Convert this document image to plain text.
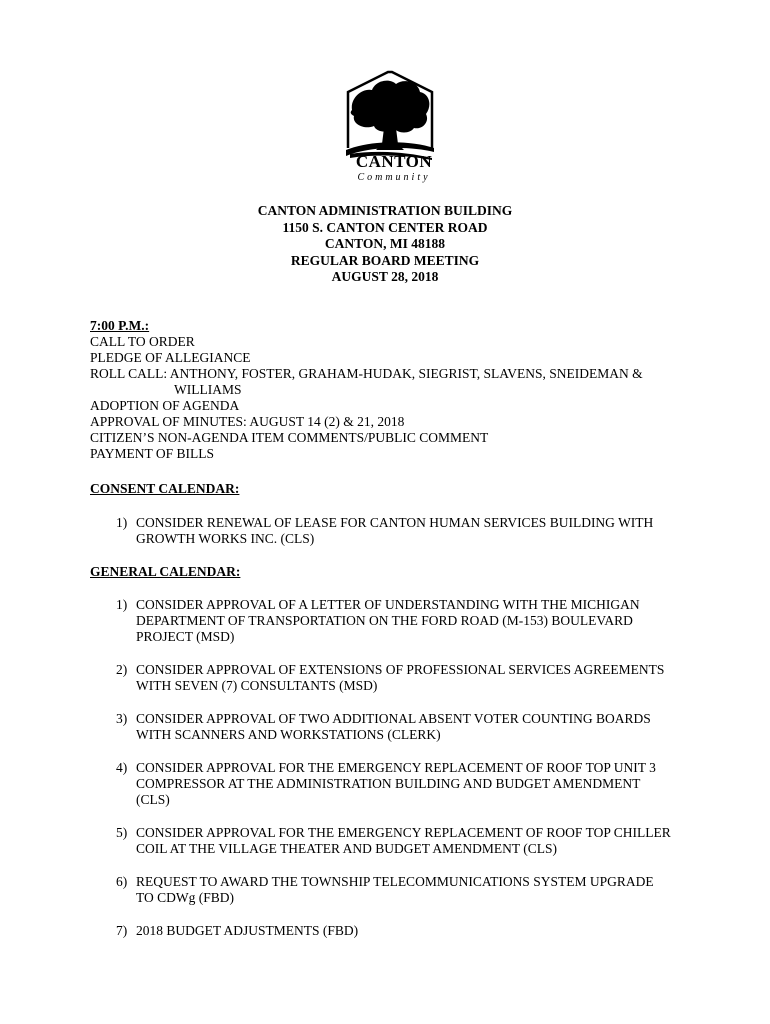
CANTON
Community
CANTON ADMINISTRATION BUILDING
1150 S. CANTON CENTER ROAD
CANTON, MI 48188
REGULAR BOARD MEETING
AUGUST 28, 2018
7:00 P.M.:
CALL TO ORDER
PLEDGE OF ALLEGIANCE
ROLL CALL: ANTHONY, FOSTER, GRAHAM-HUDAK, SIEGRIST, SLAVENS, SNEIDEMAN &
WILLIAMS
ADOPTION OF AGENDA
APPROVAL OF MINUTES: AUGUST 14 (2) & 21, 2018
CITIZEN’S NON-AGENDA ITEM COMMENTS/PUBLIC COMMENT
PAYMENT OF BILLS
CONSENT CALENDAR:
1) CONSIDER RENEWAL OF LEASE FOR CANTON HUMAN SERVICES BUILDING WITH
GROWTH WORKS INC. (CLS)
GENERAL CALENDAR:
1) CONSIDER APPROVAL OF A LETTER OF UNDERSTANDING WITH THE MICHIGAN
DEPARTMENT OF TRANSPORTATION ON THE FORD ROAD (M-153) BOULEVARD
PROJECT (MSD)
2) CONSIDER APPROVAL OF EXTENSIONS OF PROFESSIONAL SERVICES AGREEMENTS
WITH SEVEN (7) CONSULTANTS (MSD)
3) CONSIDER APPROVAL OF TWO ADDITIONAL ABSENT VOTER COUNTING BOARDS
WITH SCANNERS AND WORKSTATIONS (CLERK)
4) CONSIDER APPROVAL FOR THE EMERGENCY REPLACEMENT OF ROOF TOP UNIT 3
COMPRESSOR AT THE ADMINISTRATION BUILDING AND BUDGET AMENDMENT
(CLS)
5) CONSIDER APPROVAL FOR THE EMERGENCY REPLACEMENT OF ROOF TOP CHILLER
COIL AT THE VILLAGE THEATER AND BUDGET AMENDMENT (CLS)
6) REQUEST TO AWARD THE TOWNSHIP TELECOMMUNICATIONS SYSTEM UPGRADE
TO CDWg (FBD)
7) 2018 BUDGET ADJUSTMENTS (FBD)
